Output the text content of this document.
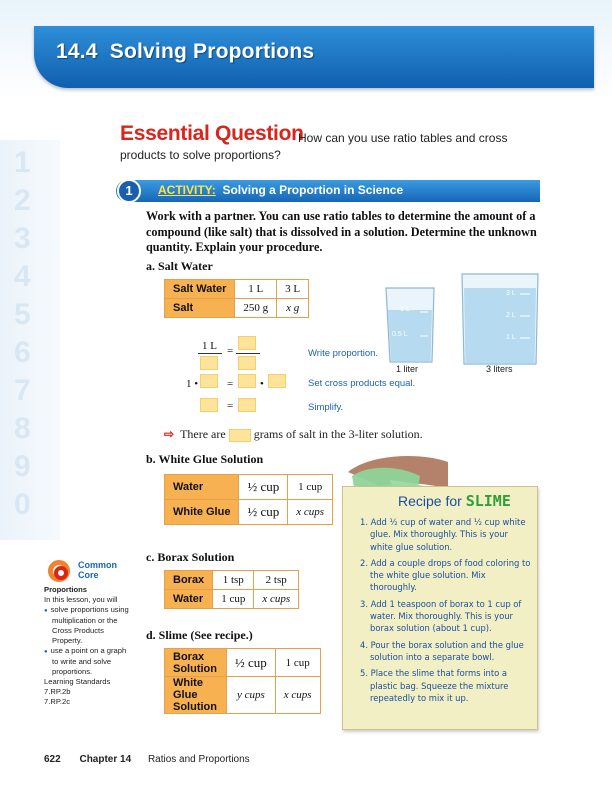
14.4 Solving Proportions
1
2
3
4
5
6
7
8
9
0
Essential Question
How can you use ratio tables and cross products to solve proportions?
1	ACTIVITY: Solving a Proportion in Science
Work with a partner. You can use ratio tables to determine the amount of a compound (like salt) that is dissolved in a solution. Determine the unknown quantity. Explain your procedure.
a. Salt Water
Salt Water	1 L	3 L
Salt	250 g	x g
1 L =
1 •	= •
=
Write proportion.
Set cross products equal.
Simplify.
1 L
0.5 L
3 L
2 L
1 L
1 liter	3 liters
⇨ There are grams of salt in the 3-liter solution.
b. White Glue Solution
Water	½ cup	1 cup
White Glue	½ cup	x cups
c. Borax Solution
Borax	1 tsp	2 tsp
Water	1 cup	x cups
d. Slime (See recipe.)
Borax Solution	½ cup	1 cup
White Glue Solution	y cups	x cups
Recipe for SLIME
1. Add ½ cup of water and ½ cup white glue. Mix thoroughly. This is your white glue solution.
2. Add a couple drops of food coloring to the white glue solution. Mix thoroughly.
3. Add 1 teaspoon of borax to 1 cup of water. Mix thoroughly. This is your borax solution (about 1 cup).
4. Pour the borax solution and the glue solution into a separate bowl.
5. Place the slime that forms into a plastic bag. Squeeze the mixture repeatedly to mix it up.
Common
Core
Proportions
In this lesson, you will
● solve proportions using multiplication or the Cross Products Property.
● use a point on a graph to write and solve proportions.
Learning Standards
7.RP.2b
7.RP.2c
622 Chapter 14 Ratios and Proportions
